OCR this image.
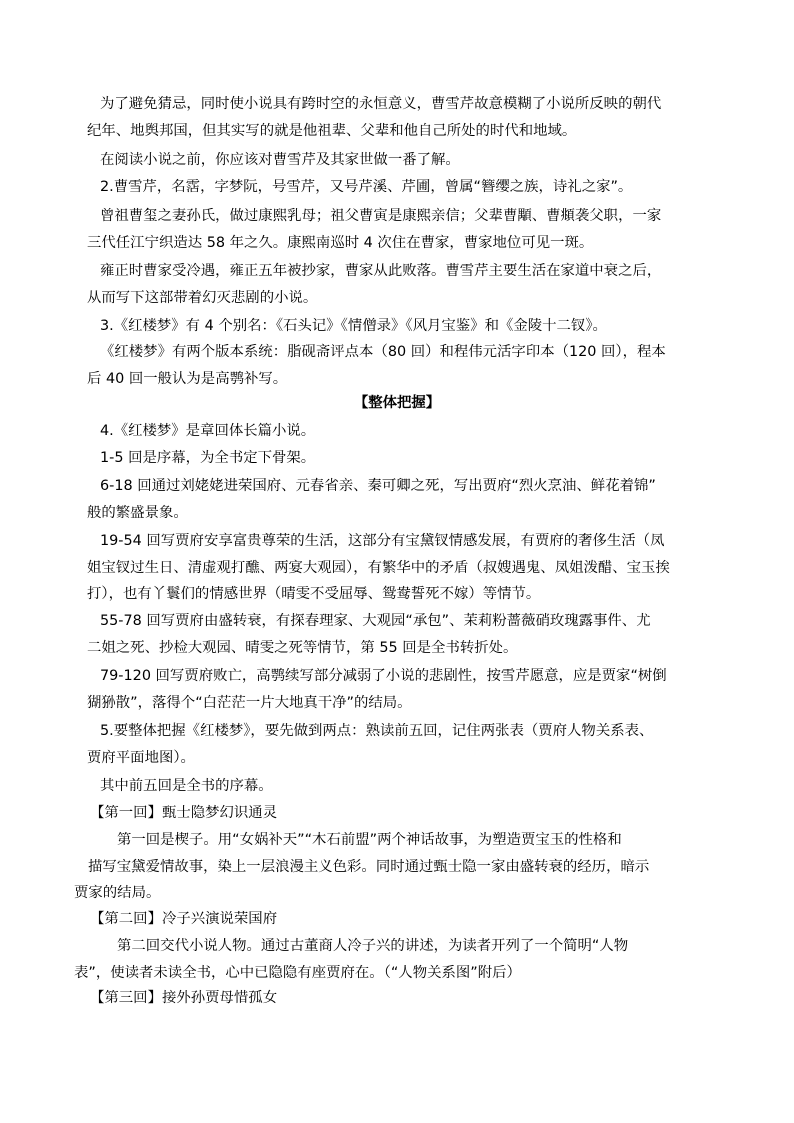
为了避免猜忌，同时使小说具有跨时空的永恒意义，曹雪芹故意模糊了小说所反映的朝代
纪年、地舆邦国，但其实写的就是他祖辈、父辈和他自己所处的时代和地域。

在阅读小说之前，你应该对曹雪芹及其家世做一番了解。

2.曹雪芹，名霑，字梦阮，号雪芹，又号芹溪、芹圃，曾属“簪缨之族，诗礼之家”。

曾祖曹玺之妻孙氏，做过康熙乳母；祖父曹寅是康熙亲信；父辈曹顒、曹頫袭父职，一家
三代任江宁织造达 58 年之久。康熙南巡时 4 次住在曹家，曹家地位可见一斑。

雍正时曹家受冷遇，雍正五年被抄家，曹家从此败落。曹雪芹主要生活在家道中衰之后，
从而写下这部带着幻灭悲剧的小说。

3.《红楼梦》有 4 个别名：《石头记》《情僧录》《风月宝鉴》和《金陵十二钗》。

《红楼梦》有两个版本系统：脂砚斋评点本（80 回）和程伟元活字印本（120 回），程本
后 40 回一般认为是高鹗补写。

【整体把握】

4.《红楼梦》是章回体长篇小说。

1-5 回是序幕，为全书定下骨架。

6-18 回通过刘姥姥进荣国府、元春省亲、秦可卿之死，写出贾府“烈火烹油、鲜花着锦”
般的繁盛景象。

19-54 回写贾府安享富贵尊荣的生活，这部分有宝黛钗情感发展，有贾府的奢侈生活（凤
姐宝钗过生日、清虚观打醮、两宴大观园），有繁华中的矛盾（叔嫂遇鬼、凤姐泼醋、宝玉挨
打），也有丫鬟们的情感世界（晴雯不受屈辱、鸳鸯誓死不嫁）等情节。

55-78 回写贾府由盛转衰，有探春理家、大观园“承包”、茉莉粉蔷薇硝玫瑰露事件、尤
二姐之死、抄检大观园、晴雯之死等情节，第 55 回是全书转折处。

79-120 回写贾府败亡，高鹗续写部分减弱了小说的悲剧性，按雪芹愿意，应是贾家“树倒
猢狲散”，落得个“白茫茫一片大地真干净”的结局。

5.要整体把握《红楼梦》，要先做到两点：熟读前五回，记住两张表（贾府人物关系表、
贾府平面地图）。

其中前五回是全书的序幕。

【第一回】甄士隐梦幻识通灵

第一回是楔子。用“女娲补天”“木石前盟”两个神话故事，为塑造贾宝玉的性格和
描写宝黛爱情故事，染上一层浪漫主义色彩。同时通过甄士隐一家由盛转衰的经历，暗示
贾家的结局。

【第二回】冷子兴演说荣国府

第二回交代小说人物。通过古董商人冷子兴的讲述，为读者开列了一个简明“人物
表”，使读者未读全书，心中已隐隐有座贾府在。（“人物关系图”附后）

【第三回】接外孙贾母惜孤女
